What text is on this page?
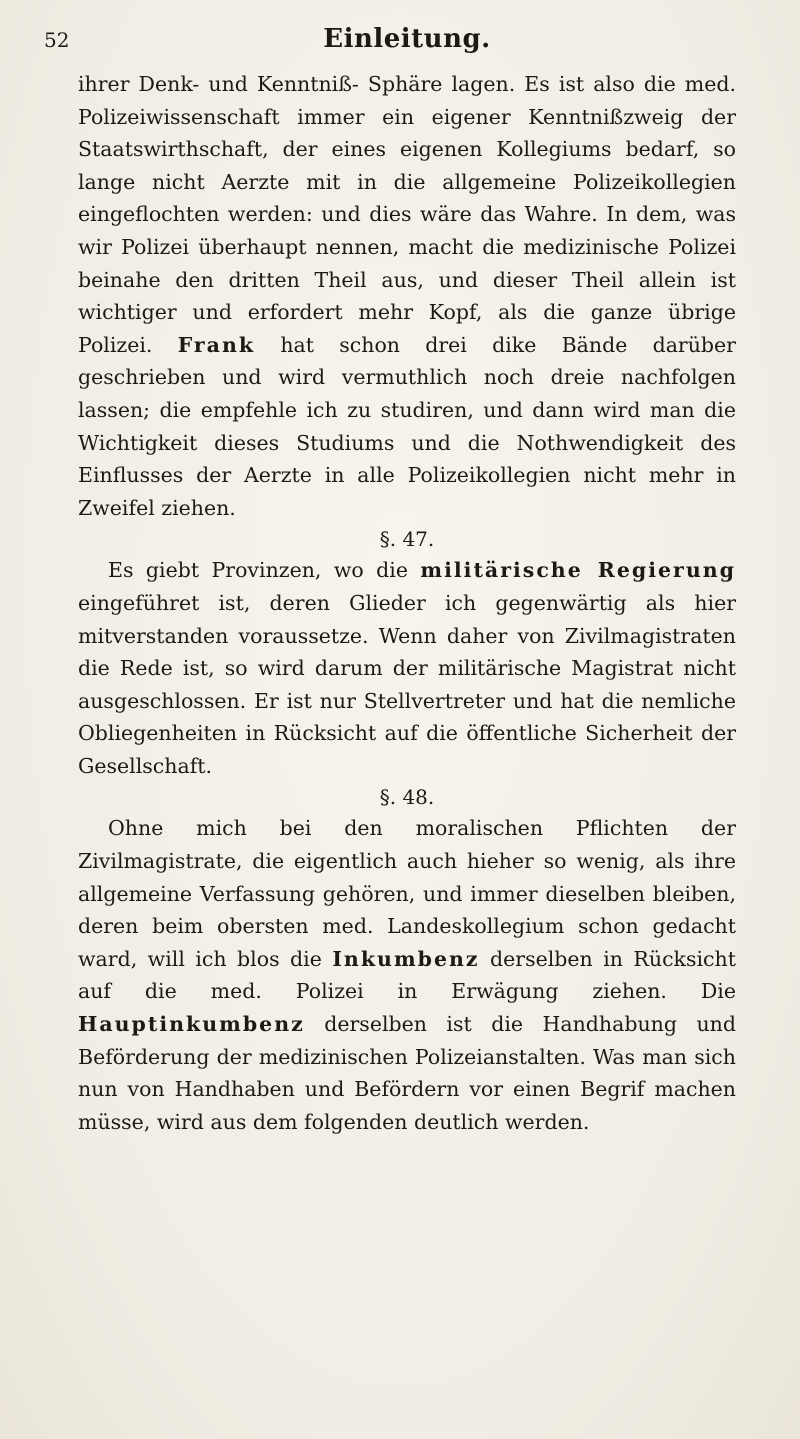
52	Einleitung.

ihrer Denk- und Kenntniß- Sphäre lagen. Es ist also die med. Polizeiwissenschaft immer ein eigener Kenntnißzweig der Staatswirthschaft, der eines eigenen Kollegiums bedarf, so lange nicht Aerzte mit in die allgemeine Polizeikollegien eingeflochten werden: und dies wäre das Wahre. In dem, was wir Polizei überhaupt nennen, macht die medizinische Polizei beinahe den dritten Theil aus, und dieser Theil allein ist wichtiger und erfordert mehr Kopf, als die ganze übrige Polizei. Frank hat schon drei dike Bände darüber geschrieben und wird vermuthlich noch dreie nachfolgen lassen; die empfehle ich zu studiren, und dann wird man die Wichtigkeit dieses Studiums und die Nothwendigkeit des Einflusses der Aerzte in alle Polizeikollegien nicht mehr in Zweifel ziehen.

§. 47.

Es giebt Provinzen, wo die militärische Regierung eingeführet ist, deren Glieder ich gegenwärtig als hier mitverstanden voraussetze. Wenn daher von Zivilmagistraten die Rede ist, so wird darum der militärische Magistrat nicht ausgeschlossen. Er ist nur Stellvertreter und hat die nemliche Obliegenheiten in Rücksicht auf die öffentliche Sicherheit der Gesellschaft.

§. 48.

Ohne mich bei den moralischen Pflichten der Zivilmagistrate, die eigentlich auch hieher so wenig, als ihre allgemeine Verfassung gehören, und immer dieselben bleiben, deren beim obersten med. Landeskollegium schon gedacht ward, will ich blos die Inkumbenz derselben in Rücksicht auf die med. Polizei in Erwägung ziehen. Die Hauptinkumbenz derselben ist die Handhabung und Beförderung der medizinischen Polizeianstalten. Was man sich nun von Handhaben und Befördern vor einen Begrif machen müsse, wird aus dem folgenden deutlich werden.
